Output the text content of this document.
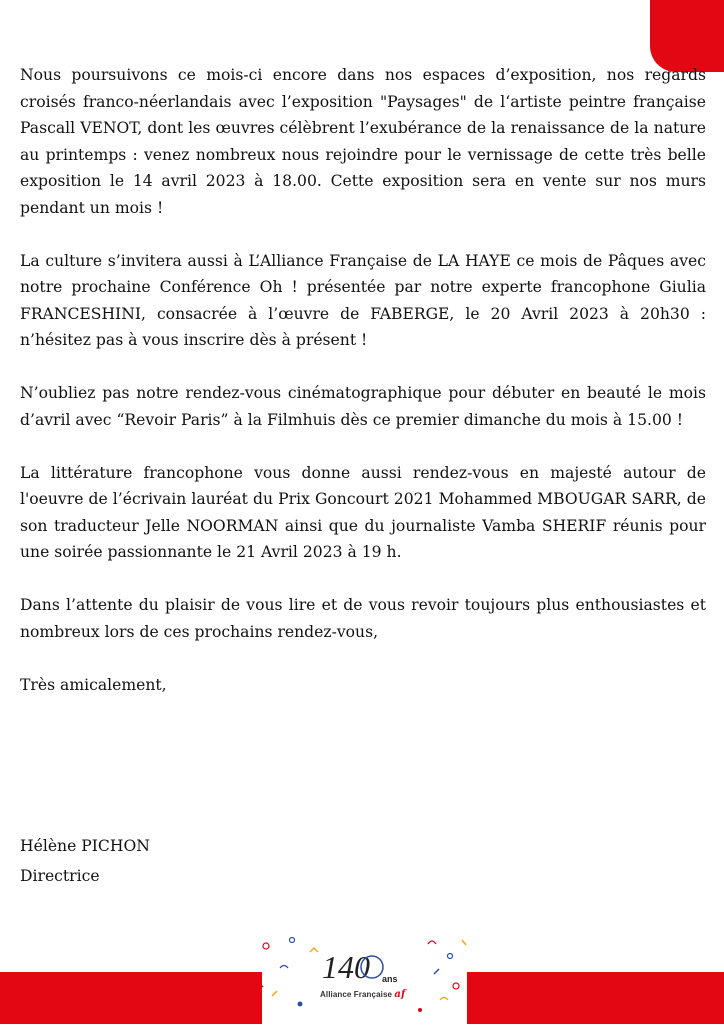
Nous poursuivons ce mois-ci encore dans nos espaces d’exposition, nos regards croisés franco-néerlandais avec l’exposition "Paysages" de l‘artiste peintre française Pascall VENOT, dont les œuvres célèbrent l’exubérance de la renaissance de la nature au printemps : venez nombreux nous rejoindre pour le vernissage de cette très belle exposition le 14 avril 2023 à 18.00. Cette exposition sera en vente sur nos murs pendant un mois !

La culture s’invitera aussi à L’Alliance Française de LA HAYE ce mois de Pâques avec notre prochaine Conférence Oh ! présentée par notre experte francophone Giulia FRANCESHINI, consacrée à l’œuvre de FABERGE, le 20 Avril 2023 à 20h30 : n’hésitez pas à vous inscrire dès à présent !

N’oubliez pas notre rendez-vous cinématographique pour débuter en beauté le mois d’avril avec “Revoir Paris” à la Filmhuis dès ce premier dimanche du mois à 15.00 !

La littérature francophone vous donne aussi rendez-vous en majesté autour de l'oeuvre de l’écrivain lauréat du Prix Goncourt 2021 Mohammed MBOUGAR SARR, de son traducteur Jelle NOORMAN ainsi que du journaliste Vamba SHERIF réunis pour une soirée passionnante le 21 Avril 2023 à 19 h.

Dans l’attente du plaisir de vous lire et de vous revoir toujours plus enthousiastes et nombreux lors de ces prochains rendez-vous,

Très amicalement,

Hélène PICHON
Directrice
140 ans
Alliance Française af
